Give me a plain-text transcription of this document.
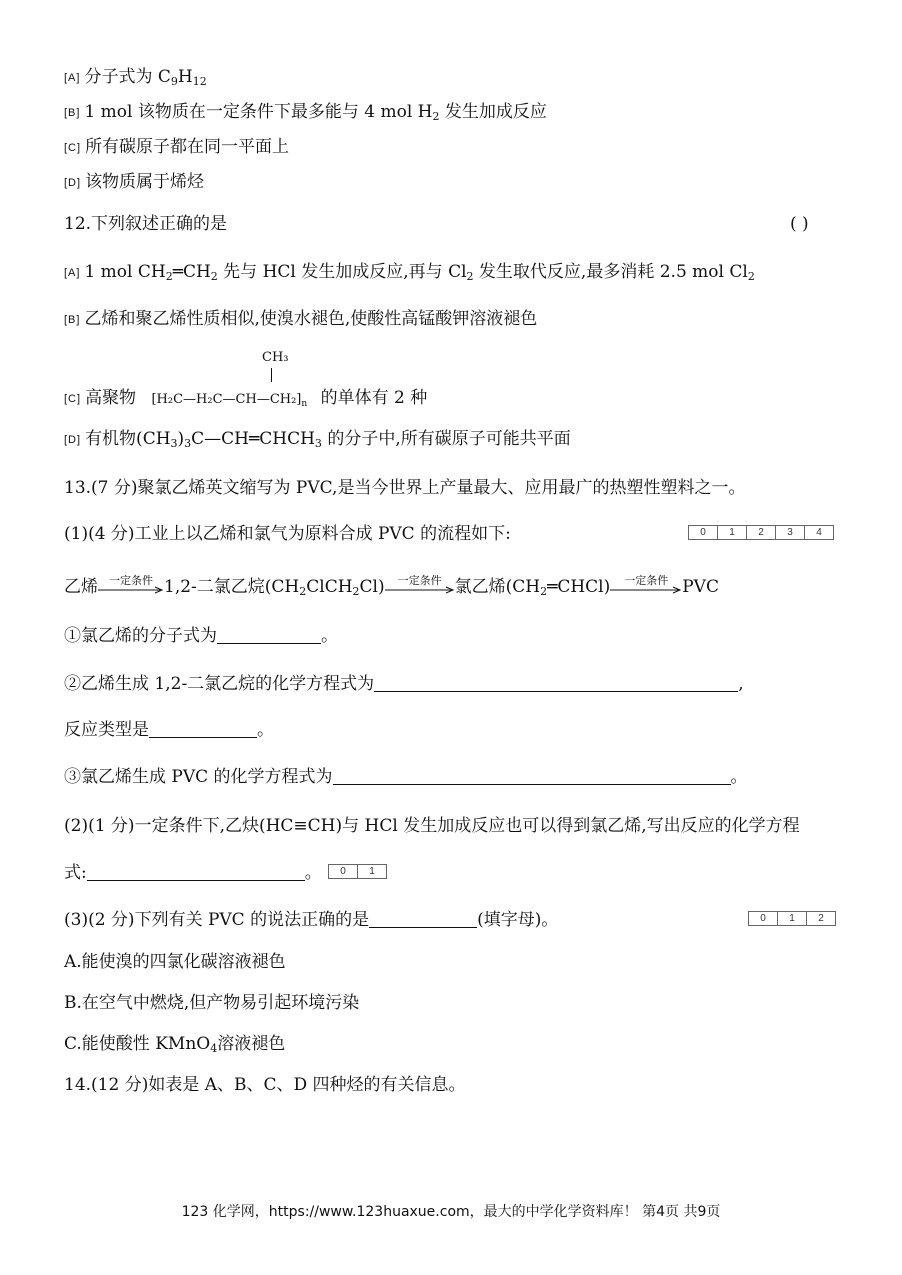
[A] 分子式为 $C_9H_{12}$
[B] 1 mol 该物质在一定条件下最多能与 4 mol $H_2$ 发生加成反应
[C] 所有碳原子都在同一平面上
[D] 该物质属于烯烃
12.下列叙述正确的是	( )
[A] 1 mol $CH_2═CH_2$ 先与 HCl 发生加成反应,再与 $Cl_2$ 发生取代反应,最多消耗 2.5 mol $Cl_2$
[B] 乙烯和聚乙烯性质相似,使溴水褪色,使酸性高锰酸钾溶液褪色
CH₃
[C] 高聚物 $[H_2C—H_2C—CH—CH_2]_n$ 的单体有 2 种
[D] 有机物$(CH_3)_3C—CH═CHCH_3$ 的分子中,所有碳原子可能共平面
13.(7 分)聚氯乙烯英文缩写为 PVC,是当今世界上产量最大、应用最广的热塑性塑料之一。
(1)(4 分)工业上以乙烯和氯气为原料合成 PVC 的流程如下:	0	1	2	3	4
乙烯	一定条件 1,2-二氯乙烷$(CH_2ClCH_2Cl)$	一定条件 氯乙烯$(CH_2═CHCl)$	一定条件 PVC
①氯乙烯的分子式为	。
②乙烯生成 1,2-二氯乙烷的化学方程式为	,
反应类型是	。
③氯乙烯生成 PVC 的化学方程式为	。
(2)(1 分)一定条件下,乙炔(HC≡CH)与 HCl 发生加成反应也可以得到氯乙烯,写出反应的化学方程
式:	。	0	1
(3)(2 分)下列有关 PVC 的说法正确的是	(填字母)。	0	1	2
A.能使溴的四氯化碳溶液褪色
B.在空气中燃烧,但产物易引起环境污染
C.能使酸性 KMnO$_4$溶液褪色
14.(12 分)如表是 A、B、C、D 四种烃的有关信息。
123 化学网，https://www.123huaxue.com，最大的中学化学资料库！ 第4页 共9页
